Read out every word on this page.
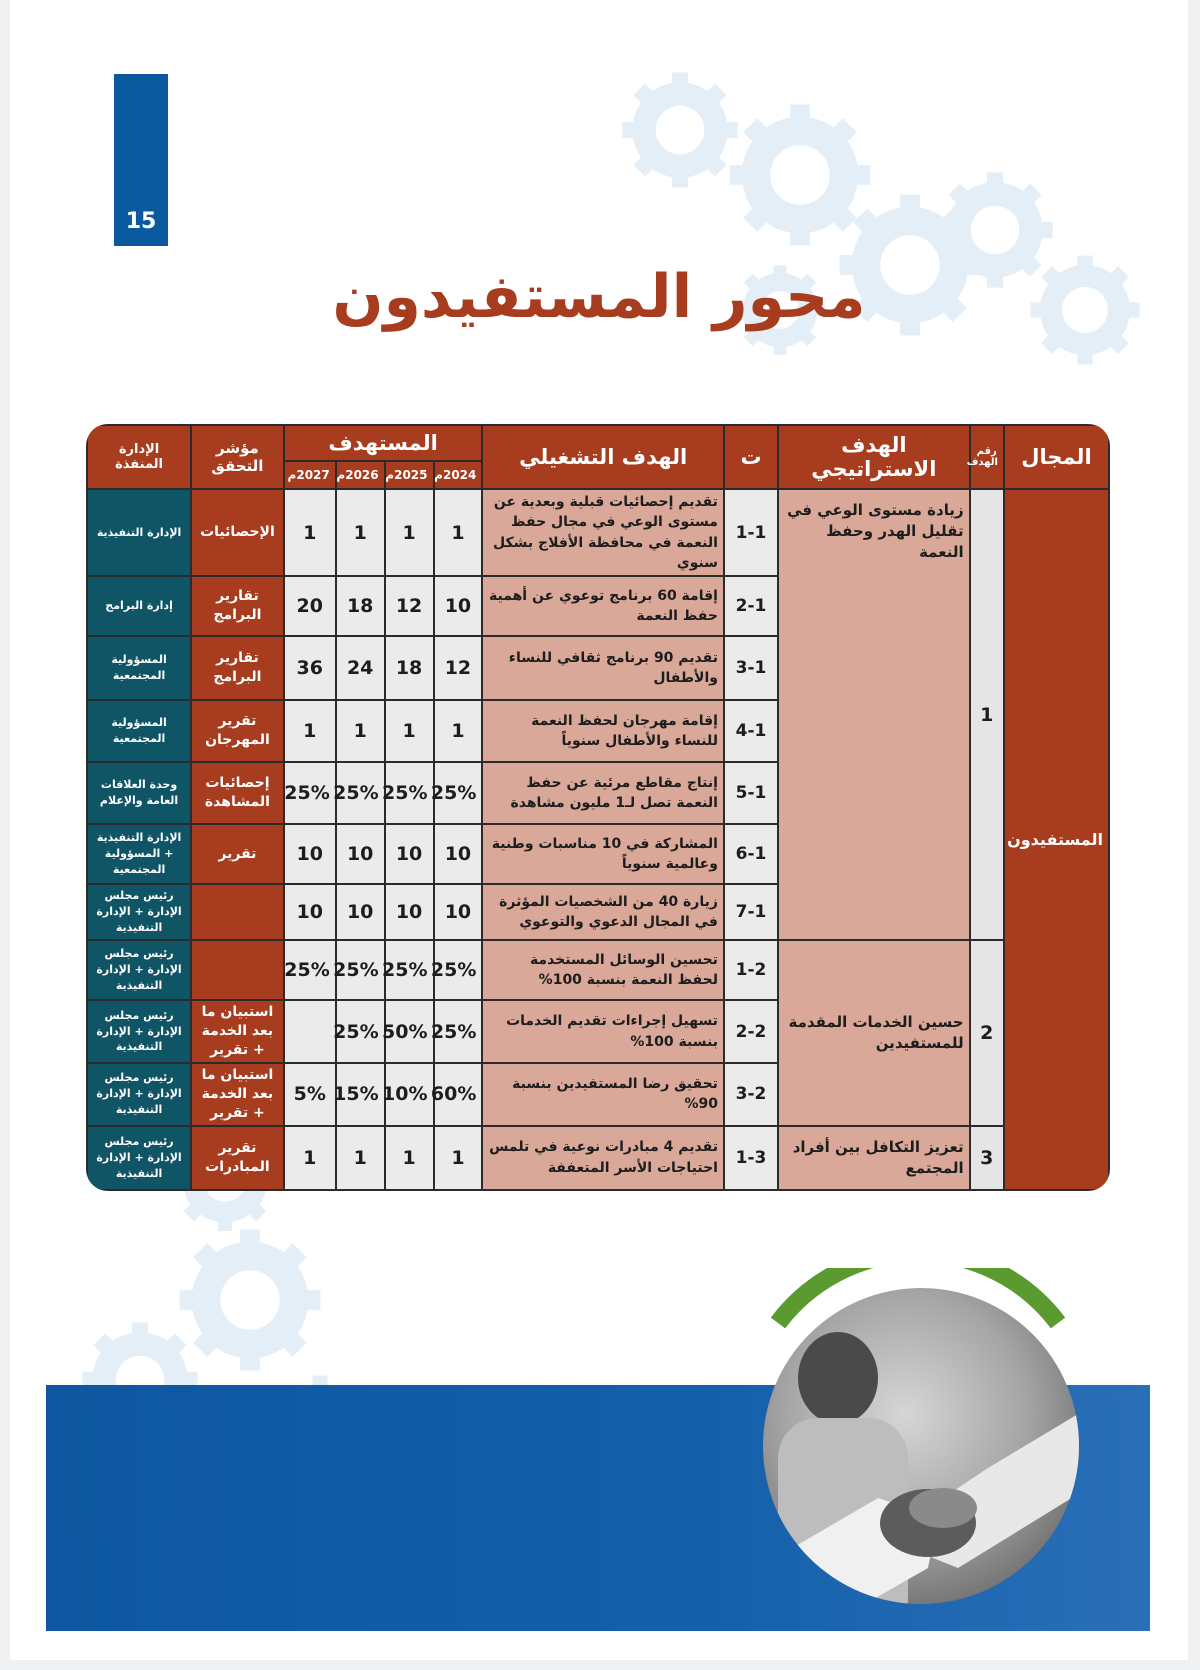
15
محور المستفيدون
المجال	رقم الهدف	الهدف الاستراتيجي	ت	الهدف التشغيلي	المستهدف				مؤشر التحقق	الإدارة المنفذة
					2024م	2025م	2026م	2027م		
المستفيدون	1	زيادة مستوى الوعي في تقليل الهدر وحفظ النعمة	1-1	تقديم إحصائيات قبلية وبعدية عن مستوى الوعي في مجال حفظ النعمة في محافظة الأفلاج بشكل سنوي	1	1	1	1	الإحصائيات	الإدارة التنفيذية
			2-1	إقامة 60 برنامج توعوي عن أهمية حفظ النعمة	10	12	18	20	تقارير البرامج	إدارة البرامج
			3-1	تقديم 90 برنامج ثقافي للنساء والأطفال	12	18	24	36	تقارير البرامج	المسؤولية المجتمعية
			4-1	إقامة مهرجان لحفظ النعمة للنساء والأطفال سنوياً	1	1	1	1	تقرير المهرجان	المسؤولية المجتمعية
			5-1	إنتاج مقاطع مرئية عن حفظ النعمة تصل لـ1 مليون مشاهدة	25%	25%	25%	25%	إحصائيات المشاهدة	وحدة العلاقات العامة والإعلام
			6-1	المشاركة في 10 مناسبات وطنية وعالمية سنوياً	10	10	10	10	تقرير	الإدارة التنفيذية + المسؤولية المجتمعية
			7-1	زيارة 40 من الشخصيات المؤثرة في المجال الدعوي والتوعوي	10	10	10	10		رئيس مجلس الإدارة + الإدارة التنفيذية
	2	حسين الخدمات المقدمة للمستفيدين	1-2	تحسين الوسائل المستخدمة لحفظ النعمة بنسبة 100%	25%	25%	25%	25%		رئيس مجلس الإدارة + الإدارة التنفيذية
			2-2	تسهيل إجراءات تقديم الخدمات بنسبة 100%	25%	50%	25%		استبيان ما بعد الخدمة + تقرير	رئيس مجلس الإدارة + الإدارة التنفيذية
			3-2	تحقيق رضا المستفيدين بنسبة 90%	60%	10%	15%	5%	استبيان ما بعد الخدمة + تقرير	رئيس مجلس الإدارة + الإدارة التنفيذية
	3	تعزيز التكافل بين أفراد المجتمع	1-3	تقديم 4 مبادرات نوعية في تلمس احتياجات الأسر المتعففة	1	1	1	1	تقرير المبادرات	رئيس مجلس الإدارة + الإدارة التنفيذية
